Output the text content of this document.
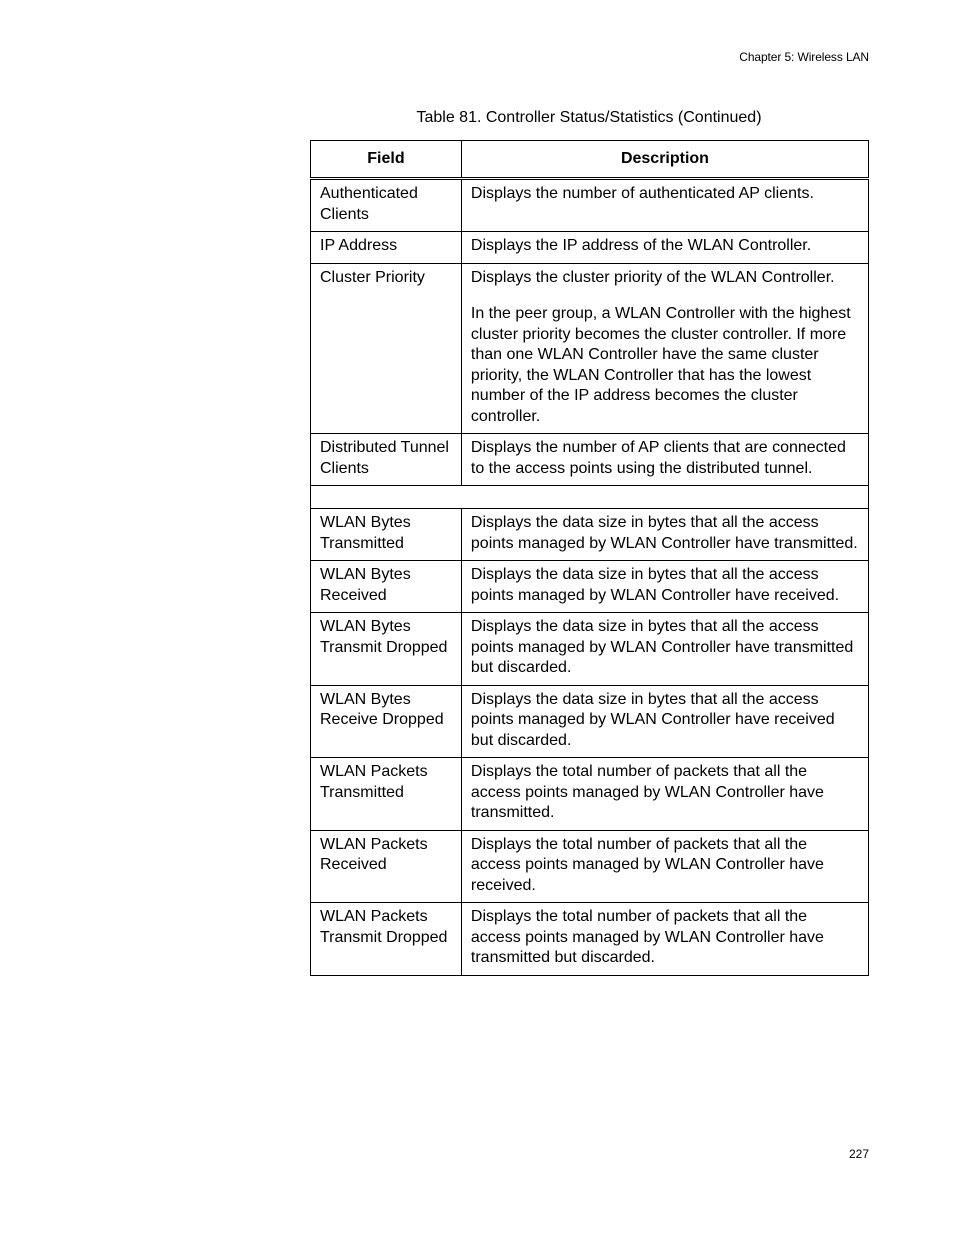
Chapter 5: Wireless LAN
Table 81. Controller Status/Statistics (Continued)
Field	Description
Authenticated Clients	Displays the number of authenticated AP clients.

IP Address	Displays the IP address of the WLAN Controller.

Cluster Priority	Displays the cluster priority of the WLAN Controller.

In the peer group, a WLAN Controller with the highest cluster priority becomes the cluster controller. If more than one WLAN Controller have the same cluster priority, the WLAN Controller that has the lowest number of the IP address becomes the cluster controller.

Distributed Tunnel Clients	Displays the number of AP clients that are connected to the access points using the distributed tunnel.

WLAN Bytes Transmitted	Displays the data size in bytes that all the access points managed by WLAN Controller have transmitted.

WLAN Bytes Received	Displays the data size in bytes that all the access points managed by WLAN Controller have received.

WLAN Bytes Transmit Dropped	Displays the data size in bytes that all the access points managed by WLAN Controller have transmitted but discarded.

WLAN Bytes Receive Dropped	Displays the data size in bytes that all the access points managed by WLAN Controller have received but discarded.

WLAN Packets Transmitted	Displays the total number of packets that all the access points managed by WLAN Controller have transmitted.

WLAN Packets Received	Displays the total number of packets that all the access points managed by WLAN Controller have received.

WLAN Packets Transmit Dropped	Displays the total number of packets that all the access points managed by WLAN Controller have transmitted but discarded.

227
